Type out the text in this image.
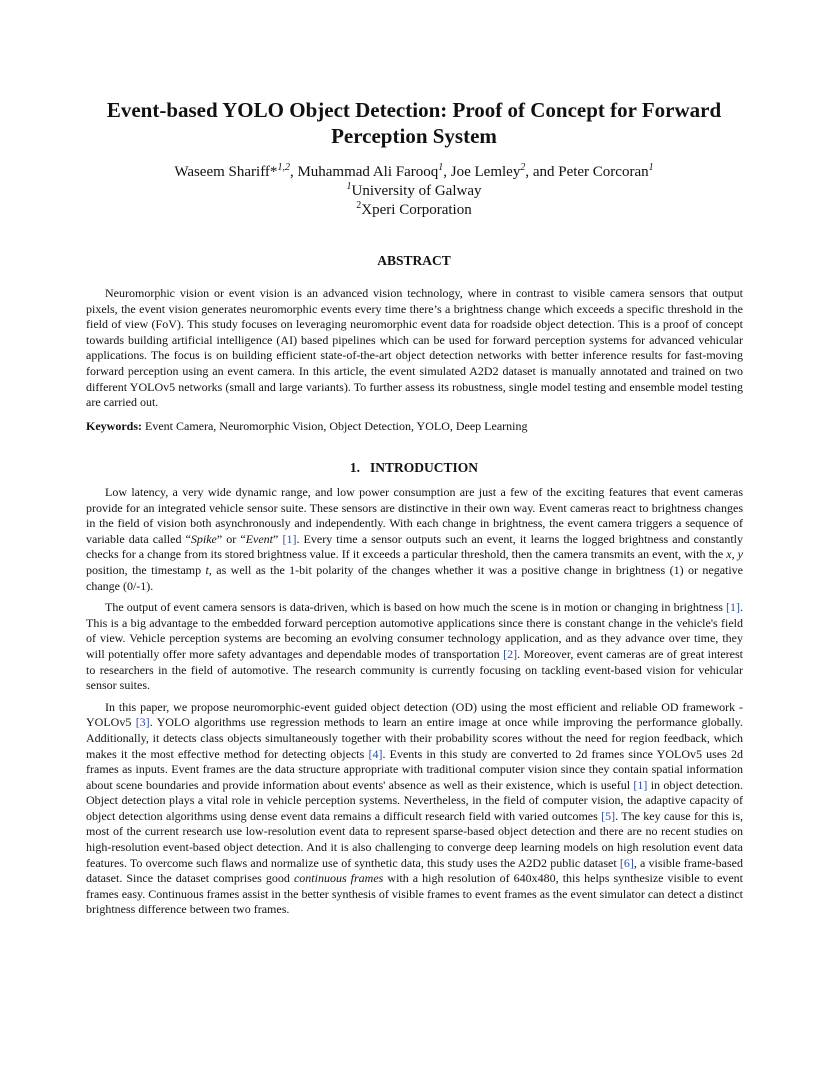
Event-based YOLO Object Detection: Proof of Concept for Forward Perception System
Waseem Shariff*$^{1,2}$, Muhammad Ali Farooq$^1$, Joe Lemley$^2$, and Peter Corcoran$^1$
$^1$University of Galway
$^2$Xperi Corporation
ABSTRACT

Neuromorphic vision or event vision is an advanced vision technology, where in contrast to visible camera sensors that output pixels, the event vision generates neuromorphic events every time there’s a brightness change which exceeds a specific threshold in the field of view (FoV). This study focuses on leveraging neuromorphic event data for roadside object detection. This is a proof of concept towards building artificial intelligence (AI) based pipelines which can be used for forward perception systems for advanced vehicular applications. The focus is on building efficient state-of-the-art object detection networks with better inference results for fast-moving forward perception using an event camera. In this article, the event simulated A2D2 dataset is manually annotated and trained on two different YOLOv5 networks (small and large variants). To further assess its robustness, single model testing and ensemble model testing are carried out.

Keywords: Event Camera, Neuromorphic Vision, Object Detection, YOLO, Deep Learning
1. INTRODUCTION

Low latency, a very wide dynamic range, and low power consumption are just a few of the exciting features that event cameras provide for an integrated vehicle sensor suite. These sensors are distinctive in their own way. Event cameras react to brightness changes in the field of vision both asynchronously and independently. With each change in brightness, the event camera triggers a sequence of variable data called “Spike” or “Event” [1]. Every time a sensor outputs such an event, it learns the logged brightness and constantly checks for a change from its stored brightness value. If it exceeds a particular threshold, then the camera transmits an event, with the x, y position, the timestamp t, as well as the 1-bit polarity of the changes whether it was a positive change in brightness (1) or negative change (0/-1).

The output of event camera sensors is data-driven, which is based on how much the scene is in motion or changing in brightness [1]. This is a big advantage to the embedded forward perception automotive applications since there is constant change in the vehicle's field of view. Vehicle perception systems are becoming an evolving consumer technology application, and as they advance over time, they will potentially offer more safety advantages and dependable modes of transportation [2]. Moreover, event cameras are of great interest to researchers in the field of automotive. The research community is currently focusing on tackling event-based vision for vehicular sensor suites.

In this paper, we propose neuromorphic-event guided object detection (OD) using the most efficient and reliable OD framework -YOLOv5 [3]. YOLO algorithms use regression methods to learn an entire image at once while improving the performance globally. Additionally, it detects class objects simultaneously together with their probability scores without the need for region feedback, which makes it the most effective method for detecting objects [4]. Events in this study are converted to 2d frames since YOLOv5 uses 2d frames as inputs. Event frames are the data structure appropriate with traditional computer vision since they contain spatial information about scene boundaries and provide information about events' absence as well as their existence, which is useful [1] in object detection. Object detection plays a vital role in vehicle perception systems. Nevertheless, in the field of computer vision, the adaptive capacity of object detection algorithms using dense event data remains a difficult research field with varied outcomes [5]. The key cause for this is, most of the current research use low-resolution event data to represent sparse-based object detection and there are no recent studies on high-resolution event-based object detection. And it is also challenging to converge deep learning models on high resolution event data features. To overcome such flaws and normalize use of synthetic data, this study uses the A2D2 public dataset [6], a visible frame-based dataset. Since the dataset comprises good continuous frames with a high resolution of 640x480, this helps synthesize visible to event frames easy. Continuous frames assist in the better synthesis of visible frames to event frames as the event simulator can detect a distinct brightness difference between two frames.
